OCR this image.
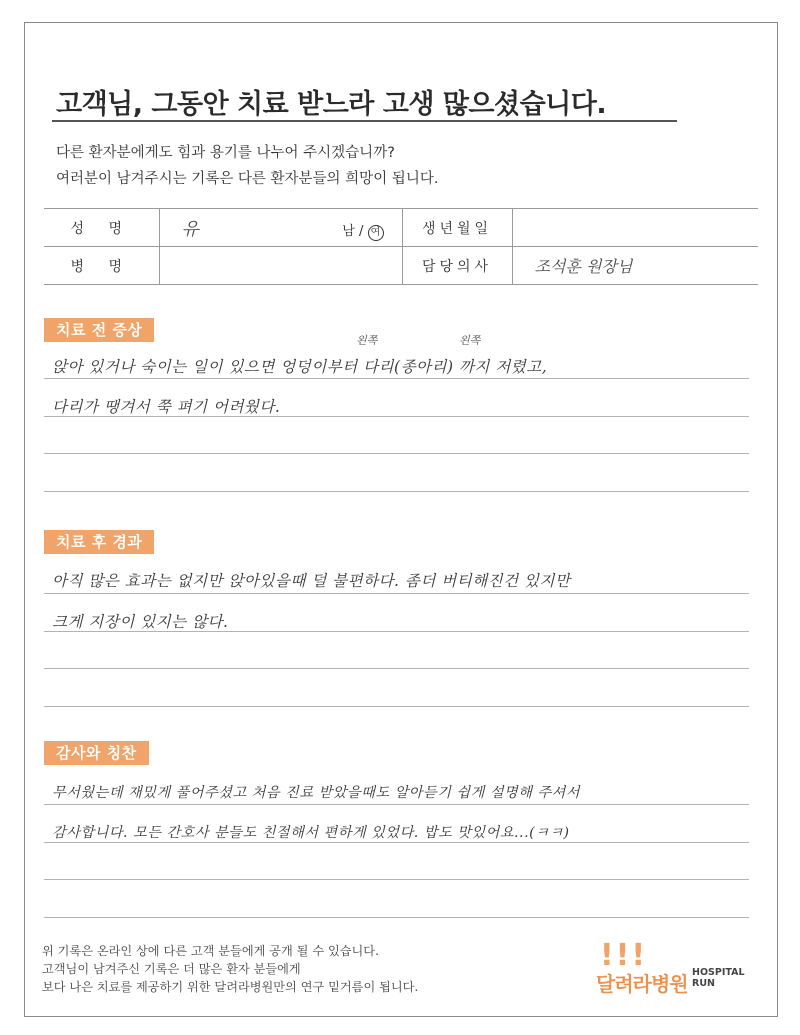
고객님, 그동안 치료 받느라 고생 많으셨습니다.
다른 환자분에게도 힘과 용기를 나누어 주시겠습니까?
여러분이 남겨주시는 기록은 다른 환자분들의 희망이 됩니다.
성 명	유 남 / 여	생년월일	
병 명		담당의사	조석훈 원장님
치료 전 증상
왼쪽	왼쪽
앉아 있거나 숙이는 일이 있으면 엉덩이부터 다리(종아리) 까지 저렸고,
다리가 땡겨서 쭉 펴기 어려웠다.
치료 후 경과
아직 많은 효과는 없지만 앉아있을때 덜 불편하다. 좀더 버티해진건 있지만
크게 지장이 있지는 않다.
감사와 칭찬
무서웠는데 재밌게 풀어주셨고 처음 진료 받았을때도 알아듣기 쉽게 설명해 주셔서
감사합니다. 모든 간호사 분들도 친절해서 편하게 있었다. 밥도 맛있어요...(ㅋㅋ)
위 기록은 온라인 상에 다른 고객 분들에게 공개 될 수 있습니다.
고객님이 남겨주신 기록은 더 많은 환자 분들에게
보다 나은 치료를 제공하기 위한 달려라병원만의 연구 밑거름이 됩니다.
!!!
달려라병원 HOSPITAL
RUN
